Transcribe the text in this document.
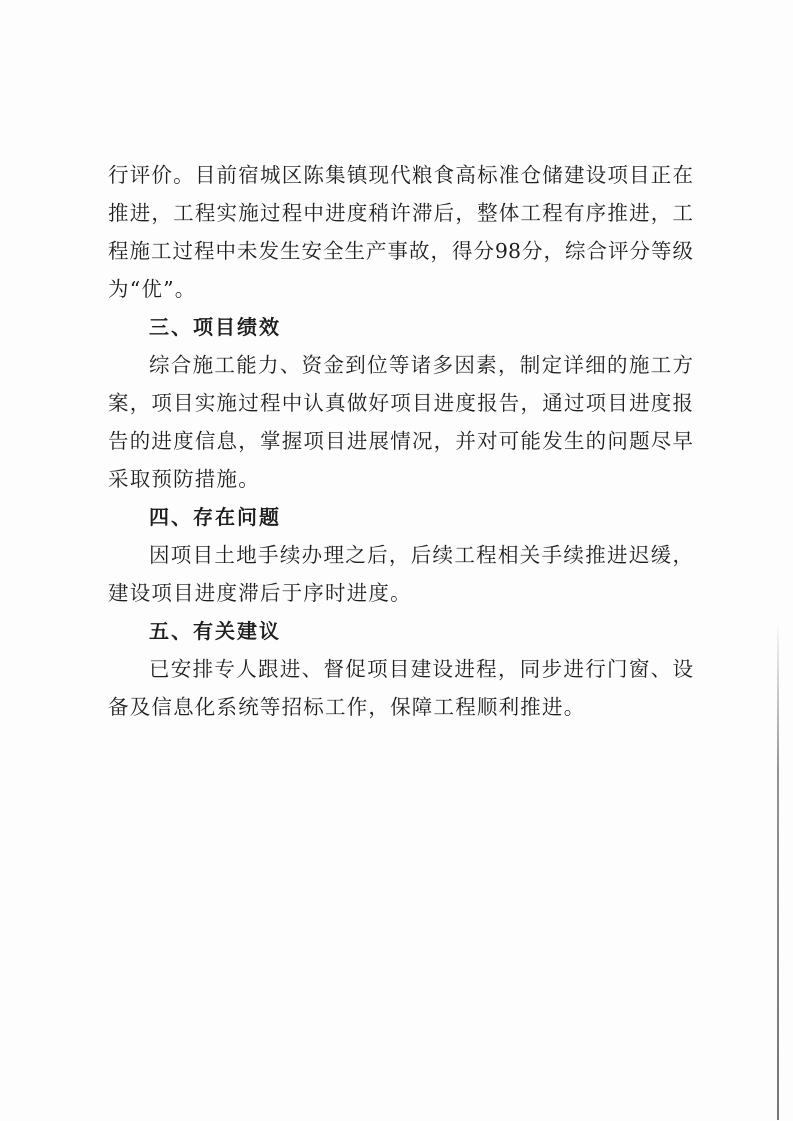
行评价。目前宿城区陈集镇现代粮食高标准仓储建设项目正在
推进，工程实施过程中进度稍许滞后，整体工程有序推进，工
程施工过程中未发生安全生产事故，得分98分，综合评分等级
为“优”。
三、项目绩效
综合施工能力、资金到位等诸多因素，制定详细的施工方
案，项目实施过程中认真做好项目进度报告，通过项目进度报
告的进度信息，掌握项目进展情况，并对可能发生的问题尽早
采取预防措施。
四、存在问题
因项目土地手续办理之后，后续工程相关手续推进迟缓，
建设项目进度滞后于序时进度。
五、有关建议
已安排专人跟进、督促项目建设进程，同步进行门窗、设
备及信息化系统等招标工作，保障工程顺利推进。
